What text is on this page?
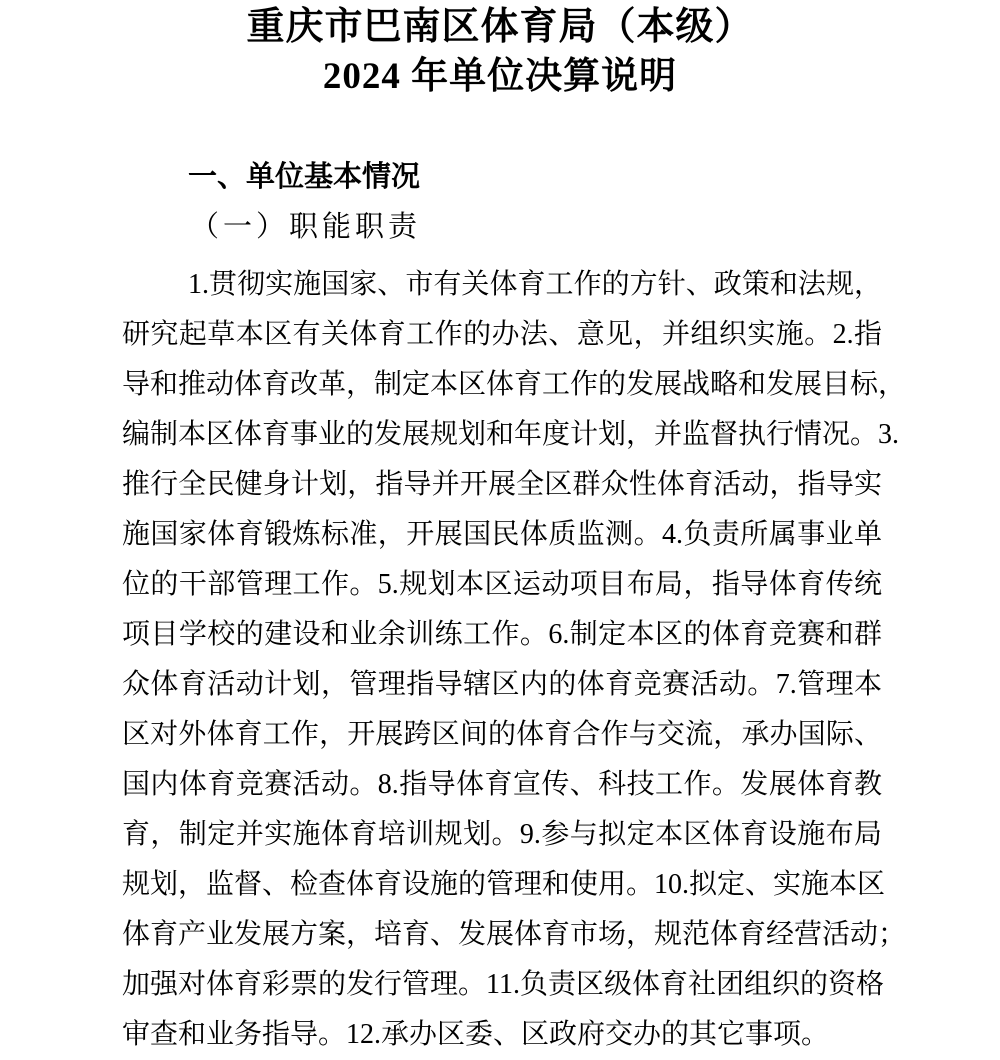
重庆市巴南区体育局（本级）
2024 年单位决算说明
一、单位基本情况
（一）职能职责
1.贯彻实施国家、市有关体育工作的方针、政策和法规，
研究起草本区有关体育工作的办法、意见，并组织实施。2.指
导和推动体育改革，制定本区体育工作的发展战略和发展目标，
编制本区体育事业的发展规划和年度计划，并监督执行情况。3.
推行全民健身计划，指导并开展全区群众性体育活动，指导实
施国家体育锻炼标准，开展国民体质监测。4.负责所属事业单
位的干部管理工作。5.规划本区运动项目布局，指导体育传统
项目学校的建设和业余训练工作。6.制定本区的体育竞赛和群
众体育活动计划，管理指导辖区内的体育竞赛活动。7.管理本
区对外体育工作，开展跨区间的体育合作与交流，承办国际、
国内体育竞赛活动。8.指导体育宣传、科技工作。发展体育教
育，制定并实施体育培训规划。9.参与拟定本区体育设施布局
规划，监督、检查体育设施的管理和使用。10.拟定、实施本区
体育产业发展方案，培育、发展体育市场，规范体育经营活动；
加强对体育彩票的发行管理。11.负责区级体育社团组织的资格
审查和业务指导。12.承办区委、区政府交办的其它事项。
